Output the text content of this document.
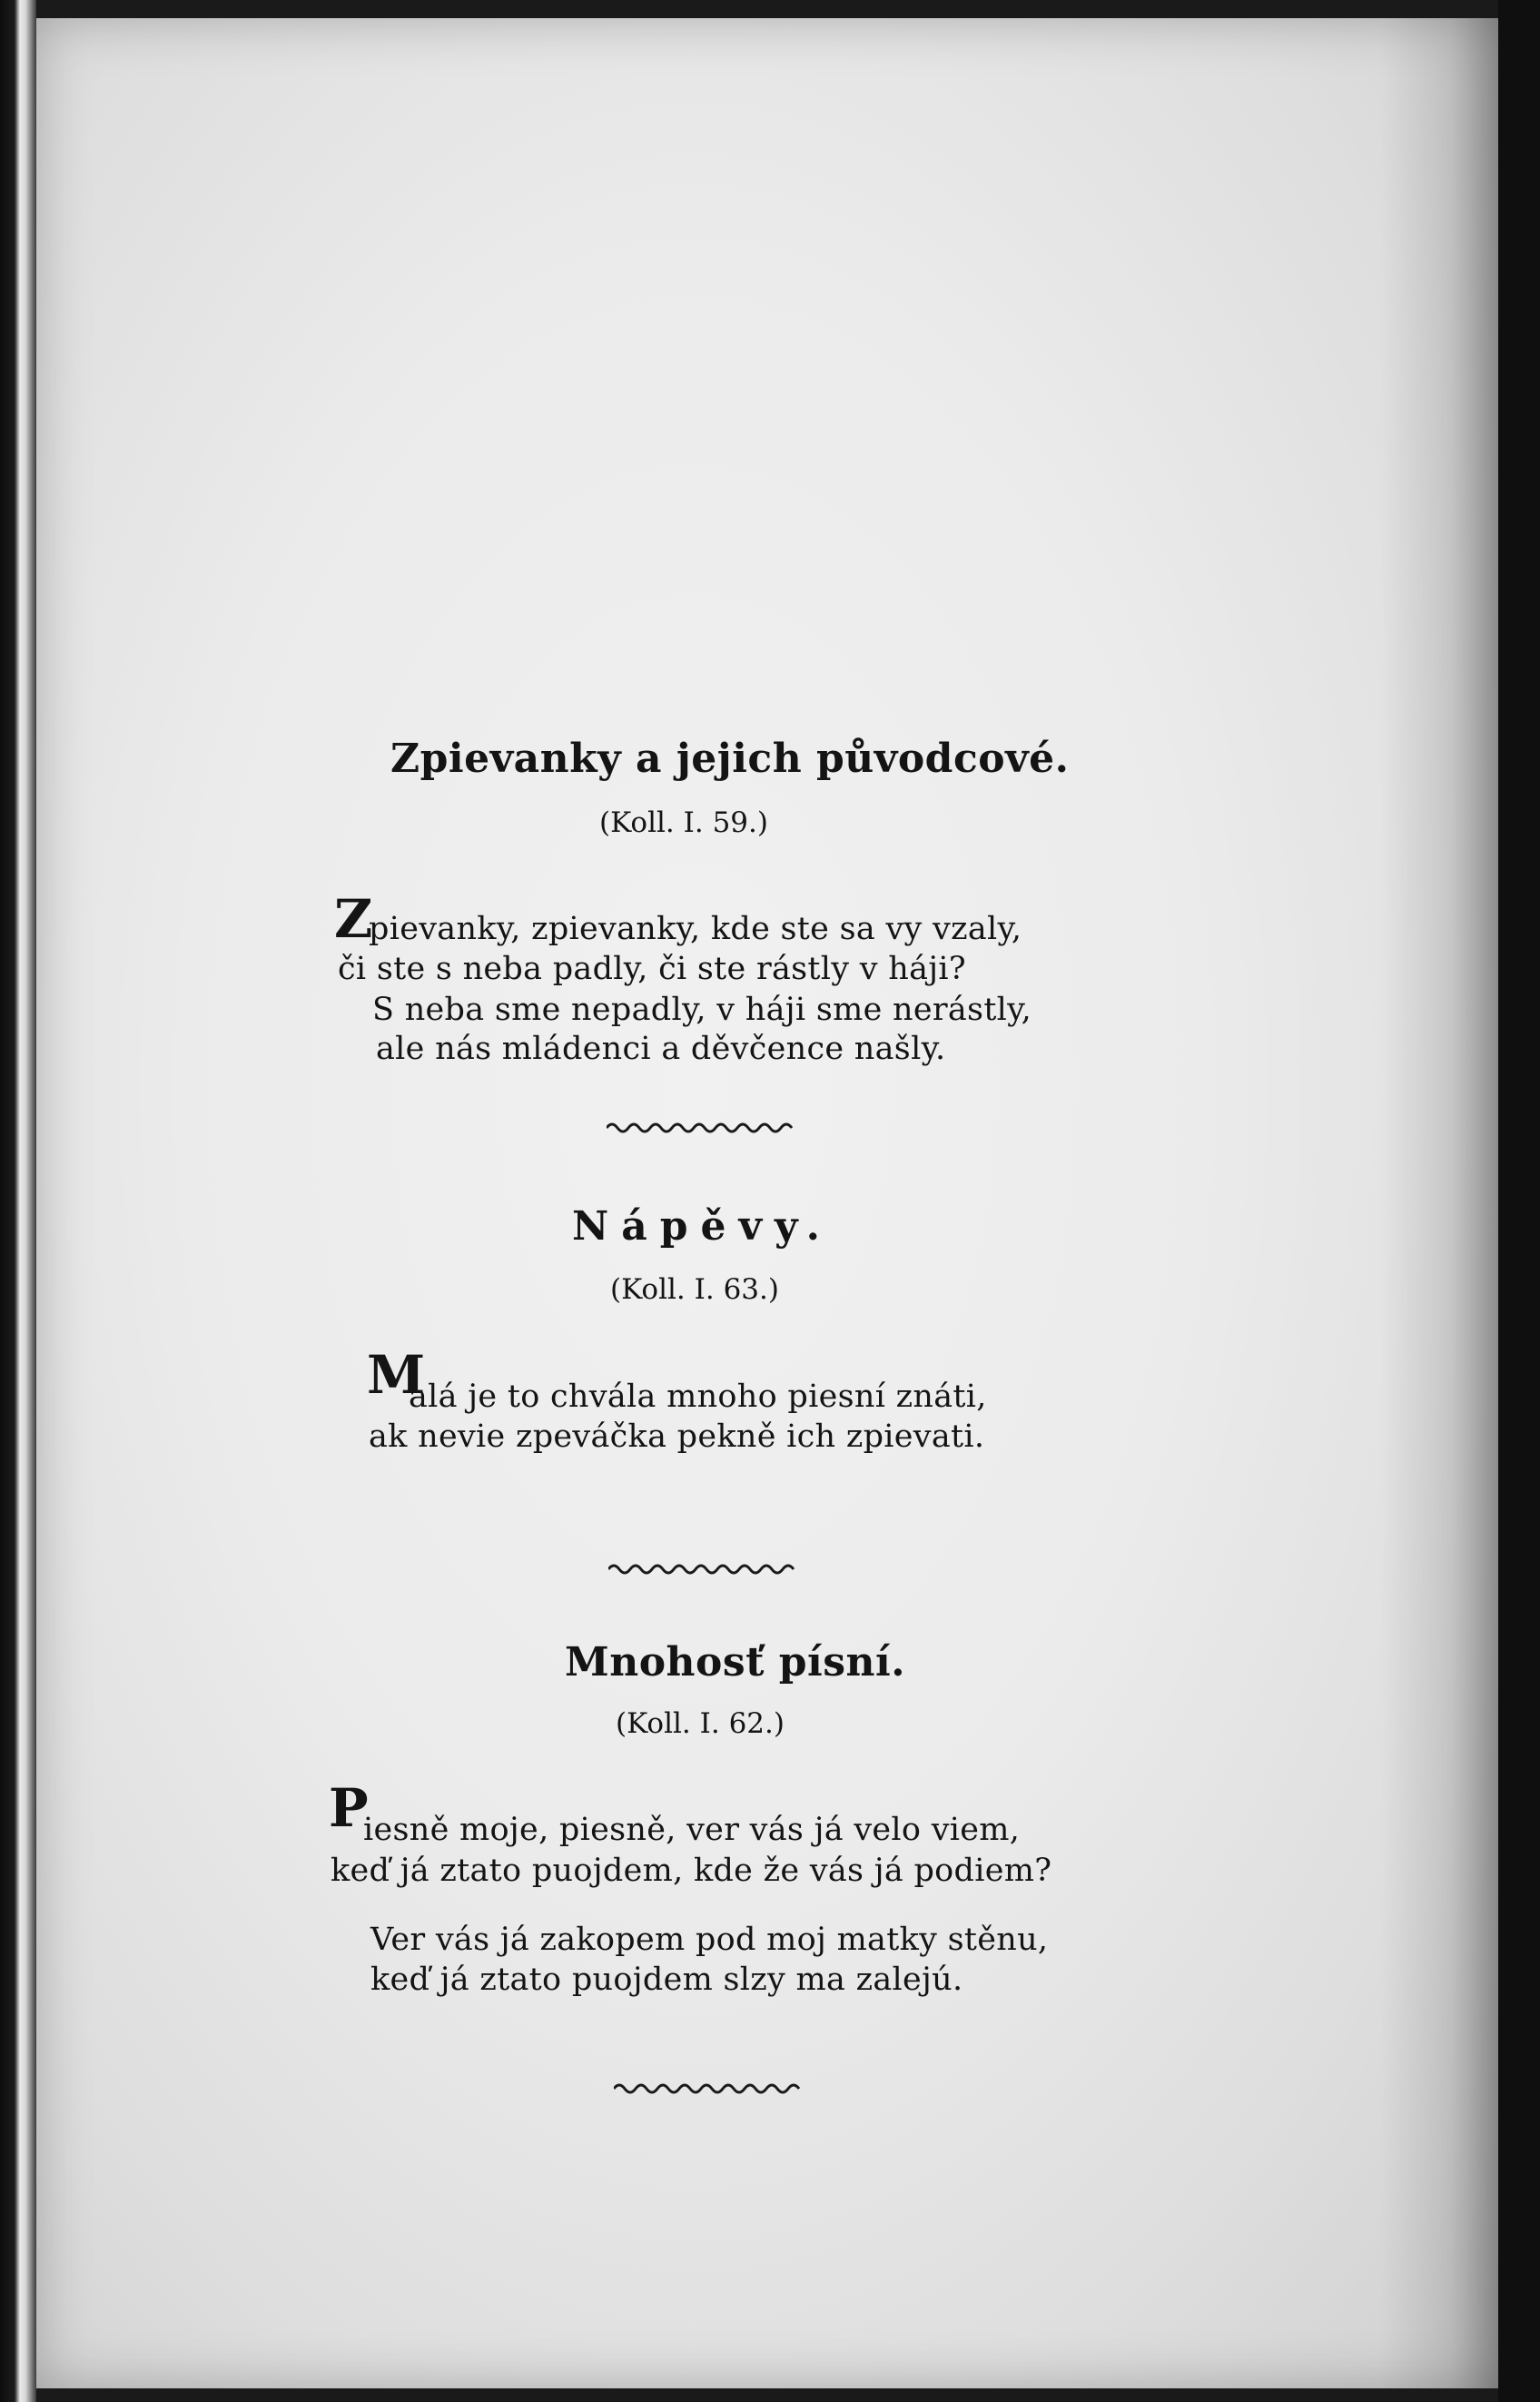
Zpievanky a jejich původcové.
(Koll. I. 59.)
Z
pievanky, zpievanky, kde ste sa vy vzaly,
či ste s neba padly, či ste rástly v háji?
S neba sme nepadly, v háji sme nerástly,
ale nás mládenci a děvčence našly.
Nápěvy.
(Koll. I. 63.)
M
alá je to chvála mnoho piesní znáti,
ak nevie zpeváčka pekně ich zpievati.
Mnohosť písní.
(Koll. I. 62.)
P
iesně moje, piesně, ver vás já velo viem,
keď já ztato puojdem, kde že vás já podiem?
Ver vás já zakopem pod moj matky stěnu,
keď já ztato puojdem slzy ma zalejú.
